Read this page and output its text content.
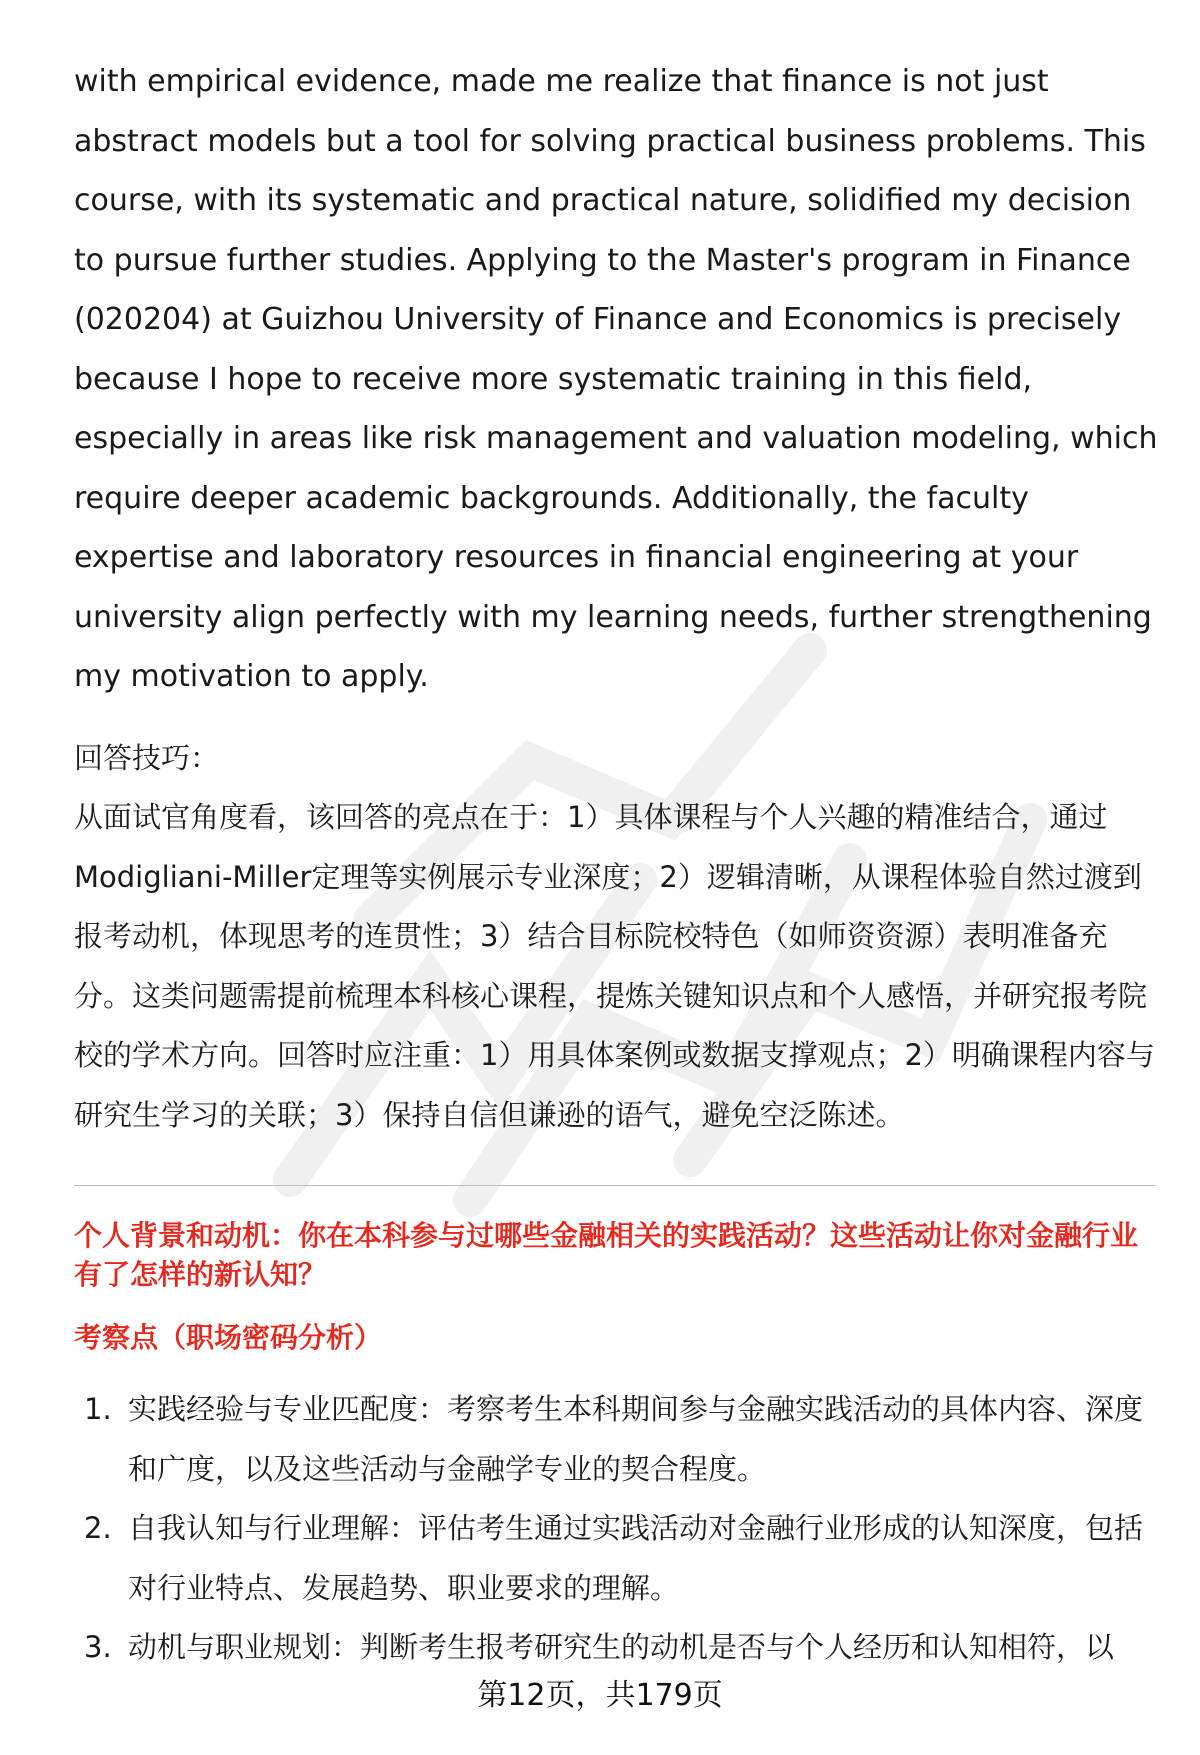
with empirical evidence, made me realize that finance is not just abstract models but a tool for solving practical business problems. This course, with its systematic and practical nature, solidified my decision to pursue further studies. Applying to the Master's program in Finance (020204) at Guizhou University of Finance and Economics is precisely because I hope to receive more systematic training in this field, especially in areas like risk management and valuation modeling, which require deeper academic backgrounds. Additionally, the faculty expertise and laboratory resources in financial engineering at your university align perfectly with my learning needs, further strengthening my motivation to apply.

回答技巧：

从面试官角度看，该回答的亮点在于：1）具体课程与个人兴趣的精准结合，通过Modigliani-Miller定理等实例展示专业深度；2）逻辑清晰，从课程体验自然过渡到报考动机，体现思考的连贯性；3）结合目标院校特色（如师资资源）表明准备充分。这类问题需提前梳理本科核心课程，提炼关键知识点和个人感悟，并研究报考院校的学术方向。回答时应注重：1）用具体案例或数据支撑观点；2）明确课程内容与研究生学习的关联；3）保持自信但谦逊的语气，避免空泛陈述。

个人背景和动机：你在本科参与过哪些金融相关的实践活动？这些活动让你对金融行业有了怎样的新认知？
考察点（职场密码分析）
1. 实践经验与专业匹配度：考察考生本科期间参与金融实践活动的具体内容、深度和广度，以及这些活动与金融学专业的契合程度。
2. 自我认知与行业理解：评估考生通过实践活动对金融行业形成的认知深度，包括对行业特点、发展趋势、职业要求的理解。
3. 动机与职业规划：判断考生报考研究生的动机是否与个人经历和认知相符，以
第12页，共179页
